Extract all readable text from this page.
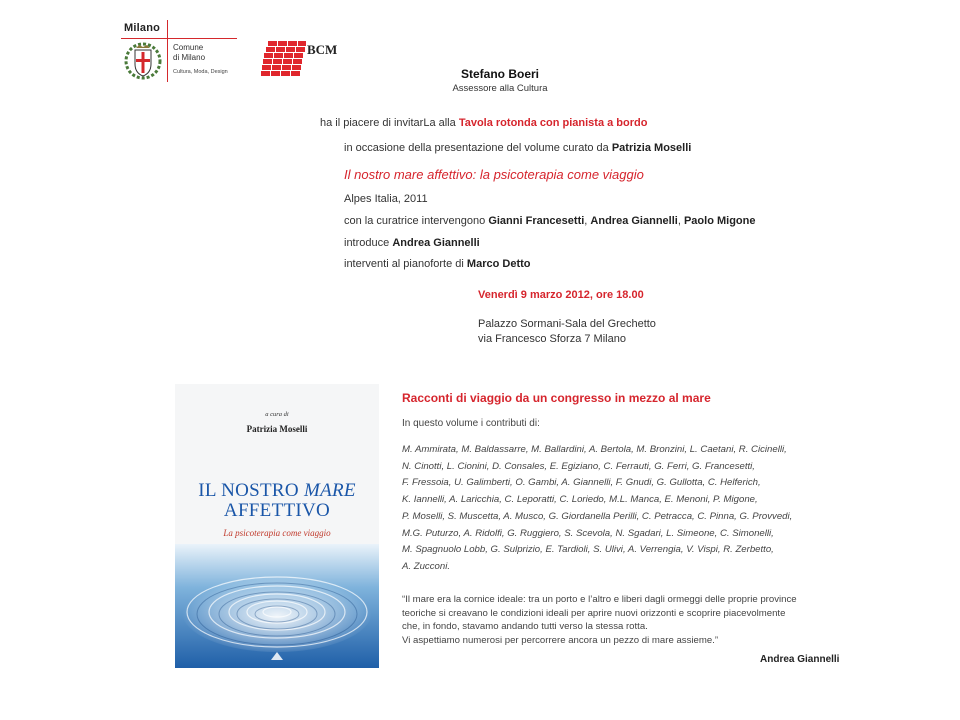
Milano
Comune
di Milano
Cultura, Moda, Design
BCM
Stefano Boeri
Assessore alla Cultura
ha il piacere di invitarLa alla Tavola rotonda con pianista a bordo
in occasione della presentazione del volume curato da Patrizia Moselli
Il nostro mare affettivo: la psicoterapia come viaggio
Alpes Italia, 2011
con la curatrice intervengono Gianni Francesetti, Andrea Giannelli, Paolo Migone
introduce Andrea Giannelli
interventi al pianoforte di Marco Detto
Venerdì 9 marzo 2012, ore 18.00
Palazzo Sormani-Sala del Grechetto
via Francesco Sforza 7 Milano
a cura di
Patrizia Moselli
IL NOSTRO MARE
AFFETTIVO
La psicoterapia come viaggio
Racconti di viaggio da un congresso in mezzo al mare
In questo volume i contributi di:
M. Ammirata, M. Baldassarre, M. Ballardini, A. Bertola, M. Bronzini, L. Caetani, R. Cicinelli,
N. Cinotti, L. Cionini, D. Consales, E. Egiziano, C. Ferrauti, G. Ferri, G. Francesetti,
F. Fressoia, U. Galimberti, O. Gambi, A. Giannelli, F. Gnudi, G. Gullotta, C. Helferich,
K. Iannelli, A. Laricchia, C. Leporatti, C. Loriedo, M.L. Manca, E. Menoni, P. Migone,
P. Moselli, S. Muscetta, A. Musco, G. Giordanella Perilli, C. Petracca, C. Pinna, G. Provvedi,
M.G. Puturzo, A. Ridolfi, G. Ruggiero, S. Scevola, N. Sgadari, L. Simeone, C. Simonelli,
M. Spagnuolo Lobb, G. Sulprizio, E. Tardioli, S. Ulivi, A. Verrengia, V. Vispi, R. Zerbetto,
A. Zucconi.
“Il mare era la cornice ideale: tra un porto e l’altro e liberi dagli ormeggi delle proprie province
teoriche si creavano le condizioni ideali per aprire nuovi orizzonti e scoprire piacevolmente
che, in fondo, stavamo andando tutti verso la stessa rotta.
Vi aspettiamo numerosi per percorrere ancora un pezzo di mare assieme.”
Andrea Giannelli
